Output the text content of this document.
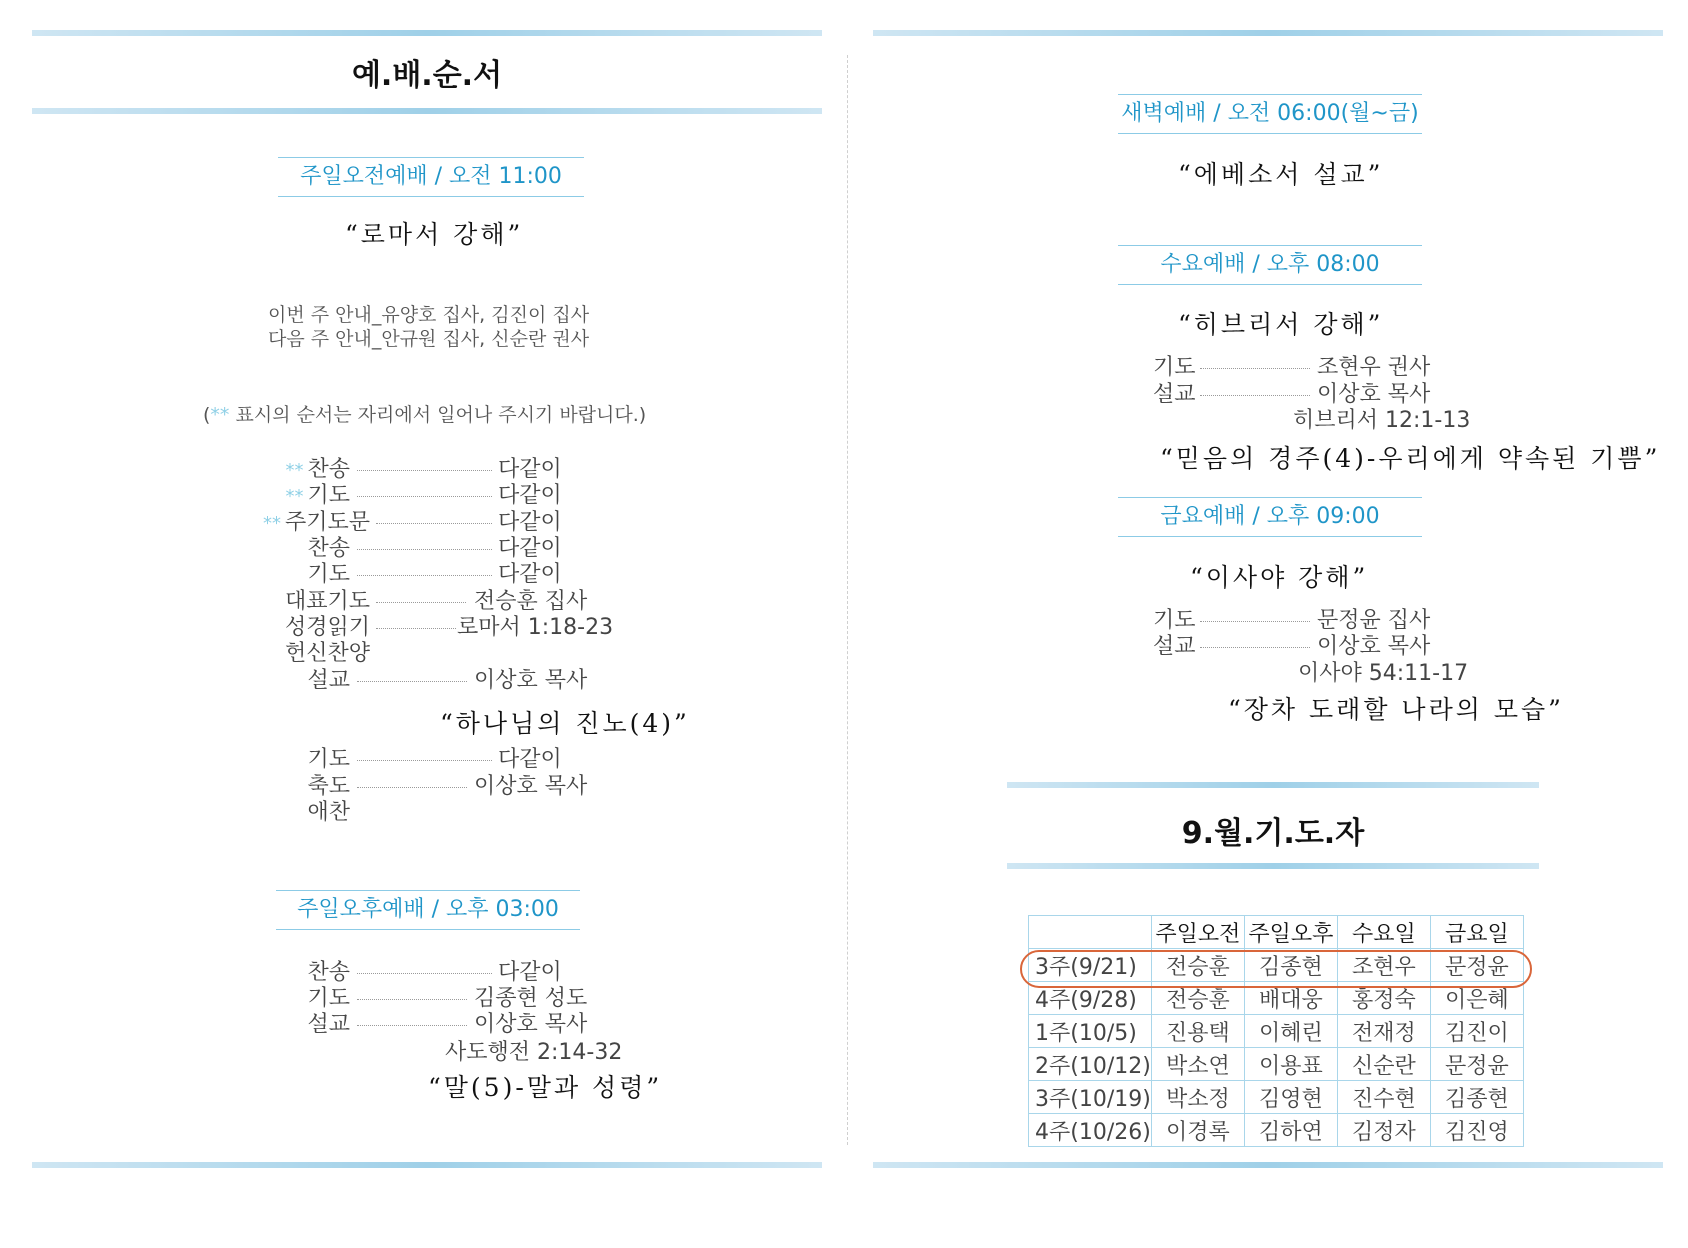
예.배.순.서
주일오전예배 / 오전 11:00
“로마서 강해”
이번 주 안내_유양호 집사, 김진이 집사
다음 주 안내_안규원 집사, 신순란 권사
(** 표시의 순서는 자리에서 일어나 주시기 바랍니다.)
** 찬송	다같이
** 기도	다같이
** 주기도문	다같이
찬송	다같이
기도	다같이
대표기도	전승훈 집사
성경읽기	로마서 1:18-23
헌신찬양
설교	이상호 목사
“하나님의 진노(4)”
기도	다같이
축도	이상호 목사
애찬
주일오후예배 / 오후 03:00
찬송	다같이
기도	김종현 성도
설교	이상호 목사
사도행전 2:14-32
“말(5)-말과 성령”
새벽예배 / 오전 06:00(월~금)
“에베소서 설교”
수요예배 / 오후 08:00
“히브리서 강해”
기도	조현우 권사
설교	이상호 목사
히브리서 12:1-13
“믿음의 경주(4)-우리에게 약속된 기쁨”
금요예배 / 오후 09:00
“이사야 강해”
기도	문정윤 집사
설교	이상호 목사
이사야 54:11-17
“장차 도래할 나라의 모습”
9.월.기.도.자
	주일오전	주일오후	수요일	금요일
3주(9/21)	전승훈	김종현	조현우	문정윤
4주(9/28)	전승훈	배대웅	홍정숙	이은혜
1주(10/5)	진용택	이혜린	전재정	김진이
2주(10/12)	박소연	이용표	신순란	문정윤
3주(10/19)	박소정	김영현	진수현	김종현
4주(10/26)	이경록	김하연	김정자	김진영
